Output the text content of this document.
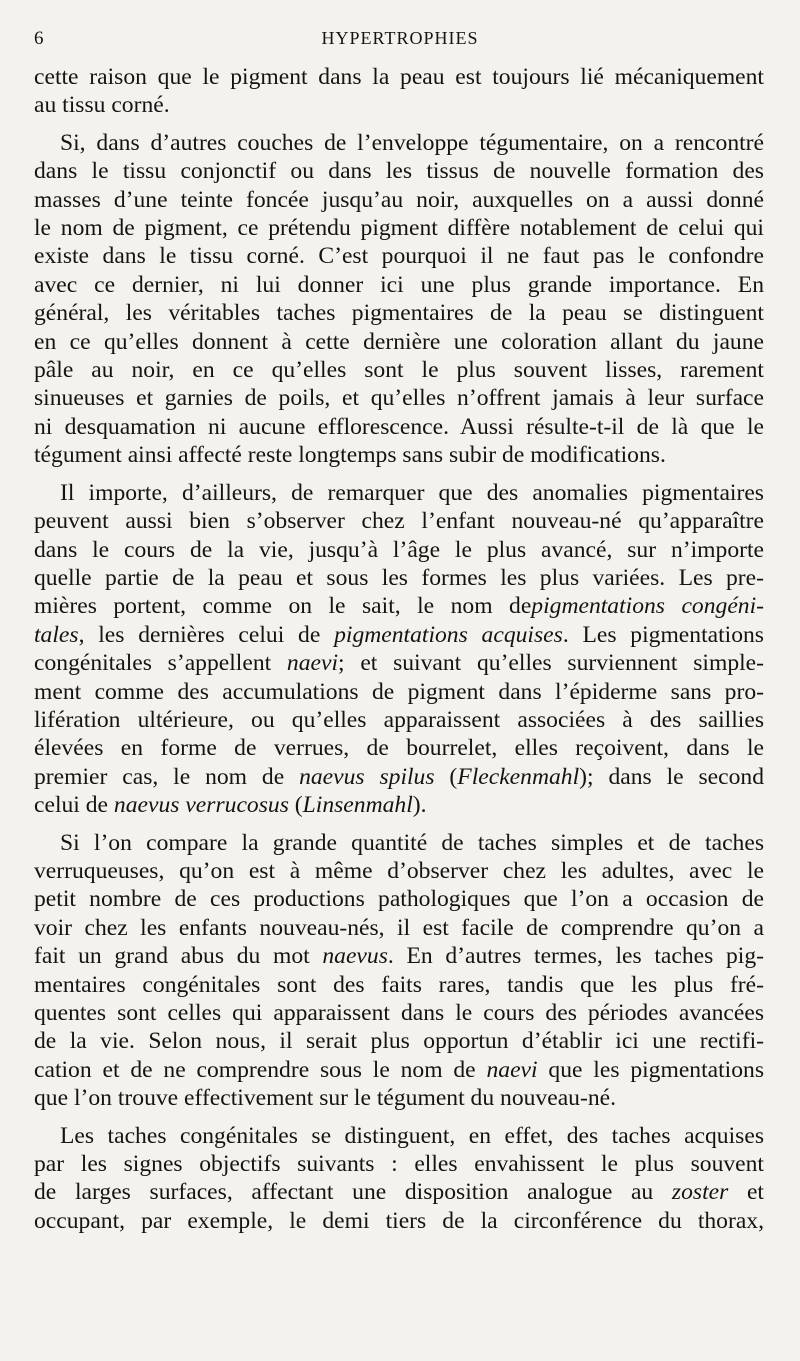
6	HYPERTROPHIES
cette raison que le pigment dans la peau est toujours lié mécaniquement
au tissu corné.
Si, dans d’autres couches de l’enveloppe tégumentaire, on a rencontré
dans le tissu conjonctif ou dans les tissus de nouvelle formation des
masses d’une teinte foncée jusqu’au noir, auxquelles on a aussi donné
le nom de pigment, ce prétendu pigment diffère notablement de celui qui
existe dans le tissu corné. C’est pourquoi il ne faut pas le confondre
avec ce dernier, ni lui donner ici une plus grande importance. En
général, les véritables taches pigmentaires de la peau se distinguent
en ce qu’elles donnent à cette dernière une coloration allant du jaune
pâle au noir, en ce qu’elles sont le plus souvent lisses, rarement
sinueuses et garnies de poils, et qu’elles n’offrent jamais à leur surface
ni desquamation ni aucune efflorescence. Aussi résulte-t-il de là que le
tégument ainsi affecté reste longtemps sans subir de modifications.
Il importe, d’ailleurs, de remarquer que des anomalies pigmentaires
peuvent aussi bien s’observer chez l’enfant nouveau-né qu’apparaître
dans le cours de la vie, jusqu’à l’âge le plus avancé, sur n’importe
quelle partie de la peau et sous les formes les plus variées. Les pre-
mières portent, comme on le sait, le nom depigmentations congéni-
tales, les dernières celui de pigmentations acquises. Les pigmentations
congénitales s’appellent naevi; et suivant qu’elles surviennent simple-
ment comme des accumulations de pigment dans l’épiderme sans pro-
lifération ultérieure, ou qu’elles apparaissent associées à des saillies
élevées en forme de verrues, de bourrelet, elles reçoivent, dans le
premier cas, le nom de naevus spilus (Fleckenmahl); dans le second
celui de naevus verrucosus (Linsenmahl).
Si l’on compare la grande quantité de taches simples et de taches
verruqueuses, qu’on est à même d’observer chez les adultes, avec le
petit nombre de ces productions pathologiques que l’on a occasion de
voir chez les enfants nouveau-nés, il est facile de comprendre qu’on a
fait un grand abus du mot naevus. En d’autres termes, les taches pig-
mentaires congénitales sont des faits rares, tandis que les plus fré-
quentes sont celles qui apparaissent dans le cours des périodes avancées
de la vie. Selon nous, il serait plus opportun d’établir ici une rectifi-
cation et de ne comprendre sous le nom de naevi que les pigmentations
que l’on trouve effectivement sur le tégument du nouveau-né.
Les taches congénitales se distinguent, en effet, des taches acquises
par les signes objectifs suivants : elles envahissent le plus souvent
de larges surfaces, affectant une disposition analogue au zoster et
occupant, par exemple, le demi tiers de la circonférence du thorax,
